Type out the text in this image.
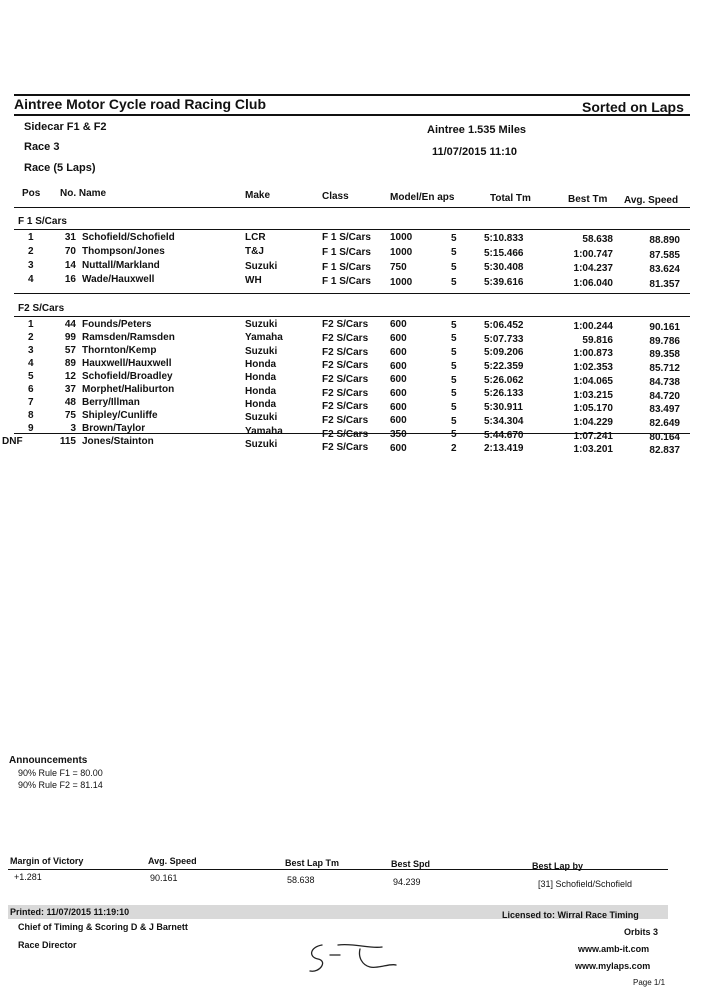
Aintree Motor Cycle road Racing Club	Sorted on Laps
Sidecar F1 & F2	Aintree 1.535 Miles
Race 3	11/07/2015 11:10
Race (5 Laps)
Pos No. Name	Make	Class	Model/En aps	Total Tm	Best Tm Avg. Speed
F 1 S/Cars
1	31 Schofield/Schofield	LCR	F 1 S/Cars 1000	5	5:10.833	58.638	88.890
2	70 Thompson/Jones	T&J	F 1 S/Cars 1000	5	5:15.466	1:00.747	87.585
3	14 Nuttall/Markland	Suzuki	F 1 S/Cars 750	5	5:30.408	1:04.237	83.624
4	16 Wade/Hauxwell	WH	F 1 S/Cars 1000	5	5:39.616	1:06.040	81.357
F2 S/Cars
1	44 Founds/Peters	Suzuki	F2 S/Cars 600	5	5:06.452	1:00.244	90.161
2	99 Ramsden/Ramsden	Yamaha	F2 S/Cars 600	5	5:07.733	59.816	89.786
3	57 Thornton/Kemp	Suzuki	F2 S/Cars 600	5	5:09.206	1:00.873	89.358
4	89 Hauxwell/Hauxwell	Honda	F2 S/Cars 600	5	5:22.359	1:02.353	85.712
5	12 Schofield/Broadley	Honda	F2 S/Cars 600	5	5:26.062	1:04.065	84.738
6	37 Morphet/Haliburton	Honda	F2 S/Cars 600	5	5:26.133	1:03.215	84.720
7	48 Berry/Illman	Honda	F2 S/Cars 600	5	5:30.911	1:05.170	83.497
8	75 Shipley/Cunliffe	Suzuki	F2 S/Cars 600	5	5:34.304	1:04.229	82.649
9	3 Brown/Taylor	Yamaha	F2 S/Cars 350	5	5:44.670	1:07.241	80.164
DNF	115 Jones/Stainton	Suzuki	F2 S/Cars 600	2	2:13.419	1:03.201	82.837
Announcements
90% Rule F1 = 80.00
90% Rule F2 = 81.14
Margin of Victory	Avg. Speed	Best Lap Tm	Best Spd	Best Lap by
+1.281	90.161	58.638	94.239	[31] Schofield/Schofield
Printed: 11/07/2015 11:19:10	Licensed to: Wirral Race Timing
Chief of Timing & Scoring D & J Barnett	Orbits 3
Race Director	www.amb-it.com
www.mylaps.com
Page 1/1
